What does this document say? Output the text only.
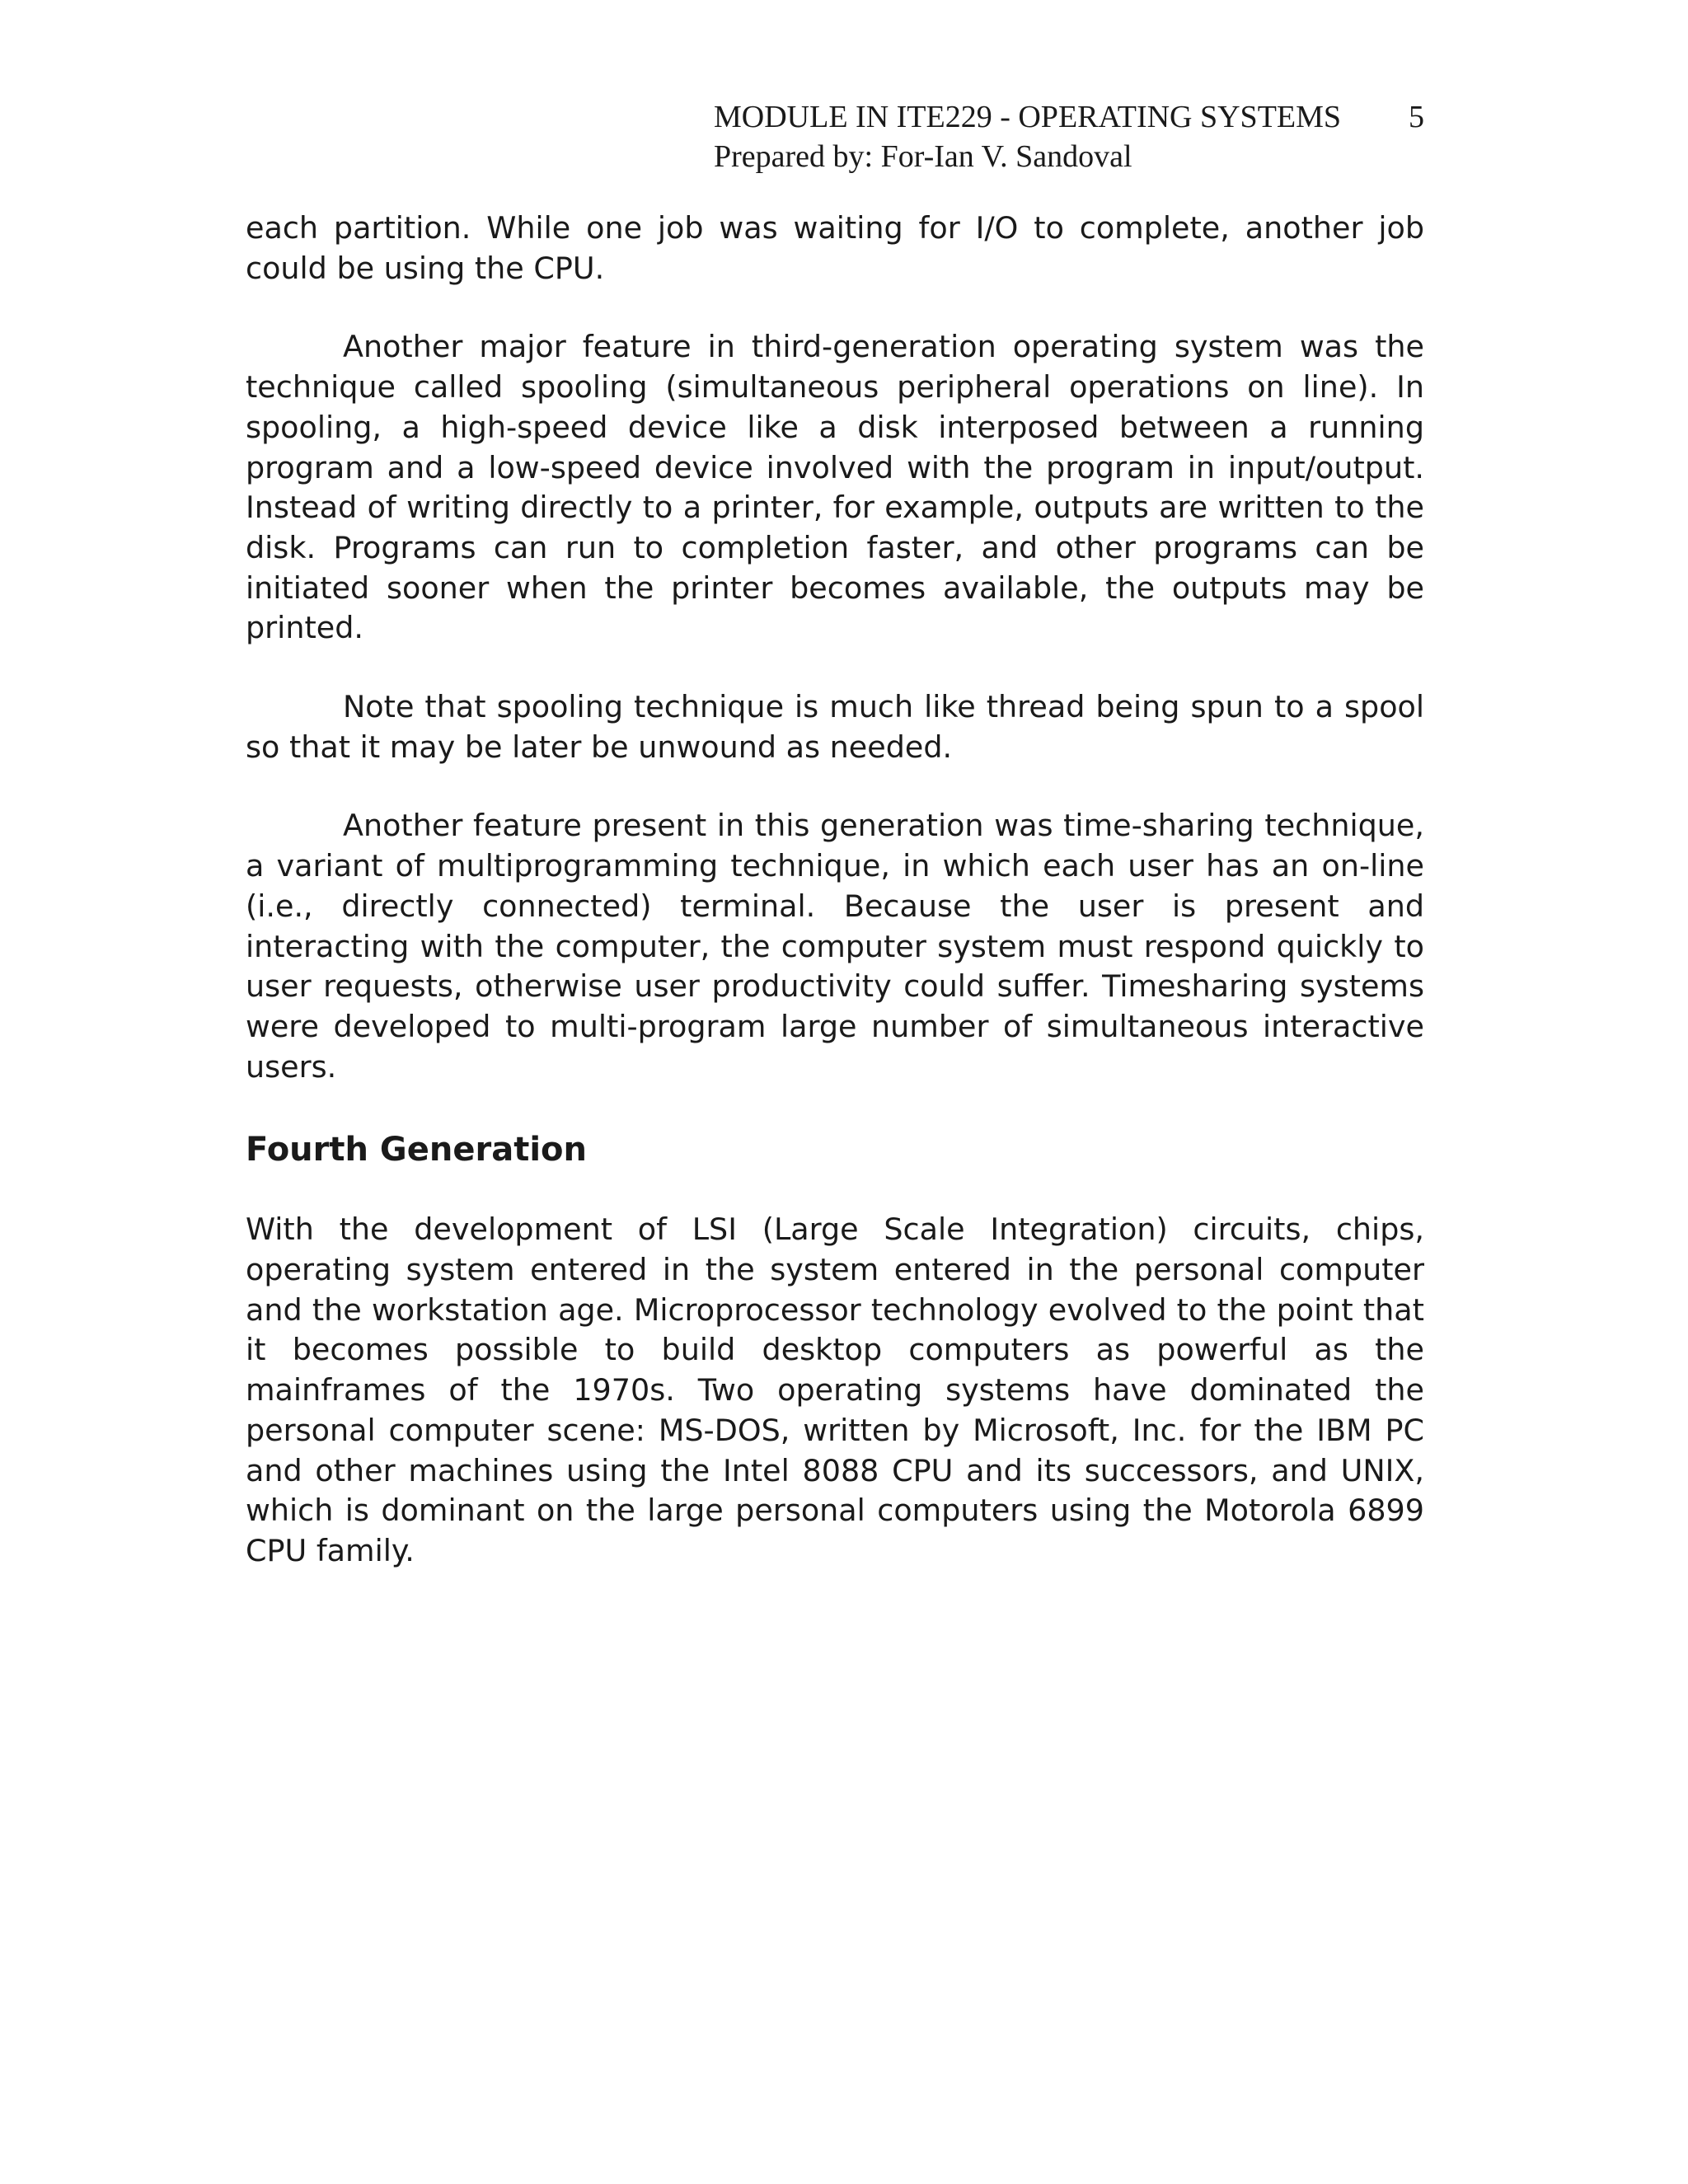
MODULE IN ITE229 - OPERATING SYSTEMS 5
Prepared by: For-Ian V. Sandoval

each partition. While one job was waiting for I/O to complete, another job could be using the CPU.

Another major feature in third-generation operating system was the technique called spooling (simultaneous peripheral operations on line). In spooling, a high-speed device like a disk interposed between a running program and a low-speed device involved with the program in input/output. Instead of writing directly to a printer, for example, outputs are written to the disk. Programs can run to completion faster, and other programs can be initiated sooner when the printer becomes available, the outputs may be printed.

Note that spooling technique is much like thread being spun to a spool so that it may be later be unwound as needed.

Another feature present in this generation was time-sharing technique, a variant of multiprogramming technique, in which each user has an on-line (i.e., directly connected) terminal. Because the user is present and interacting with the computer, the computer system must respond quickly to user requests, otherwise user productivity could suffer. Timesharing systems were developed to multi-program large number of simultaneous interactive users.

Fourth Generation

With the development of LSI (Large Scale Integration) circuits, chips, operating system entered in the system entered in the personal computer and the workstation age. Microprocessor technology evolved to the point that it becomes possible to build desktop computers as powerful as the mainframes of the 1970s. Two operating systems have dominated the personal computer scene: MS-DOS, written by Microsoft, Inc. for the IBM PC and other machines using the Intel 8088 CPU and its successors, and UNIX, which is dominant on the large personal computers using the Motorola 6899 CPU family.
